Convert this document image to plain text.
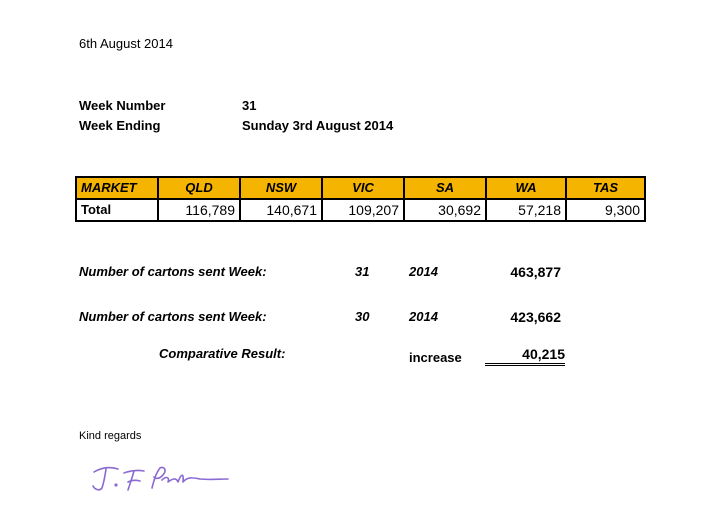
6th August 2014
Week Number	31
Week Ending	Sunday 3rd August 2014
MARKET	QLD	NSW	VIC	SA	WA	TAS
Total	116,789	140,671	109,207	30,692	57,218	9,300
Number of cartons sent Week:	31	2014	463,877
Number of cartons sent Week:	30	2014	423,662
Comparative Result:	increase	40,215
Kind regards
